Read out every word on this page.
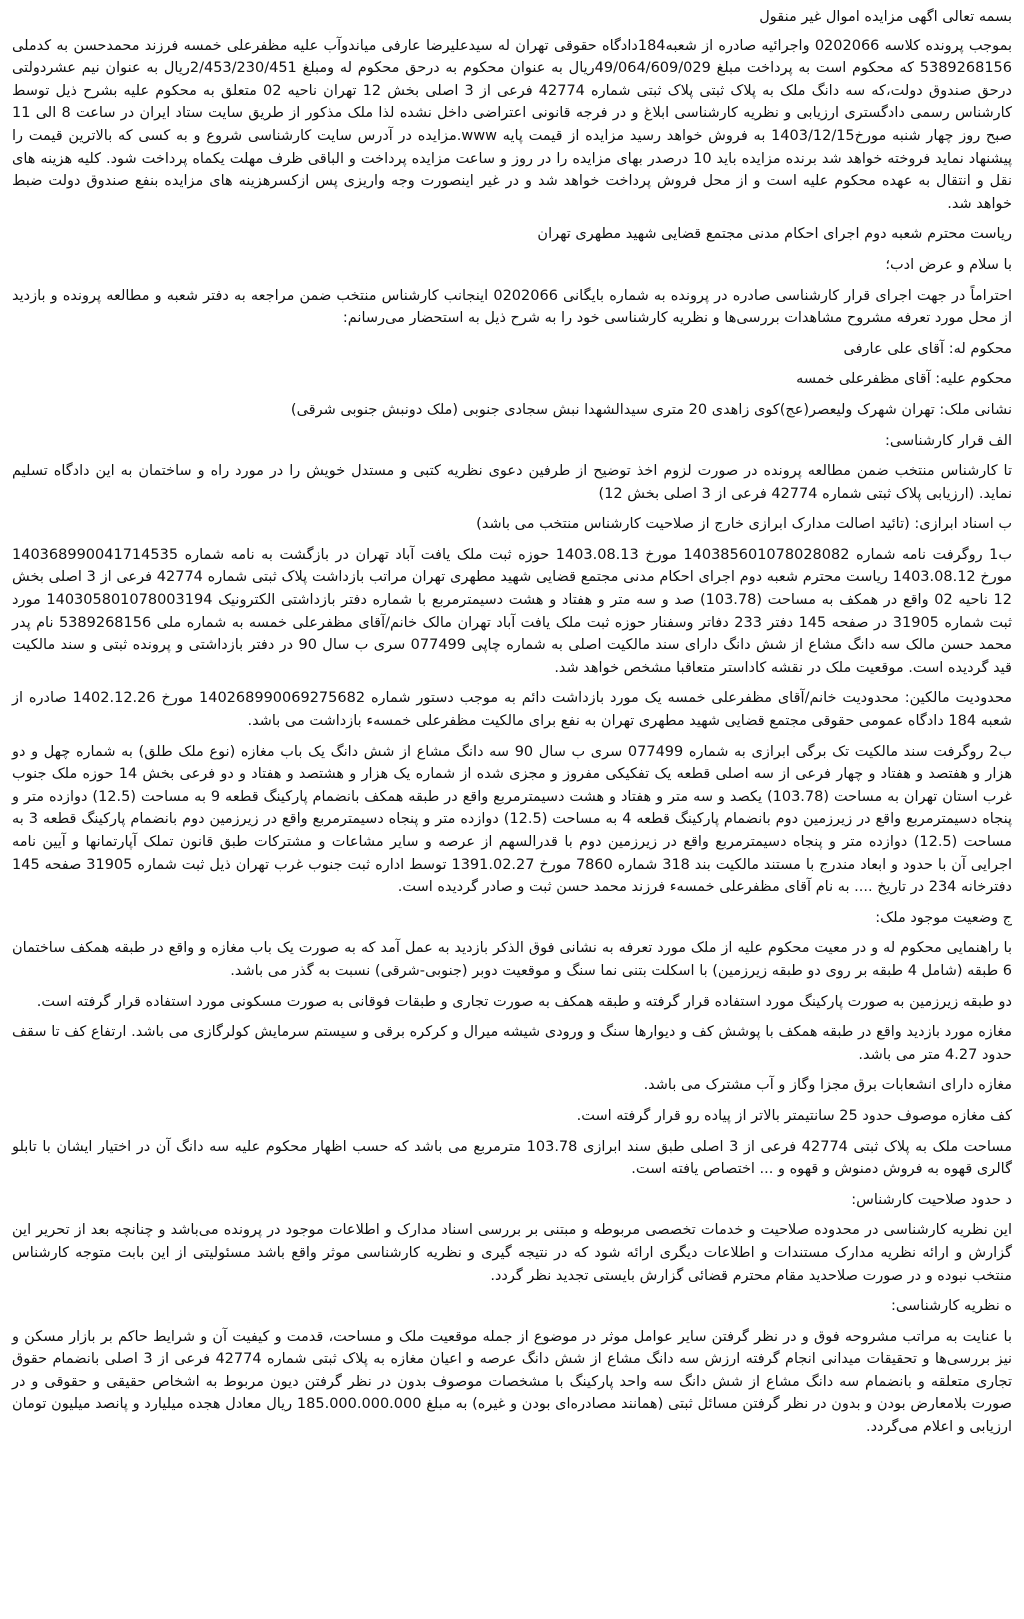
بسمه تعالی اگهی مزایده اموال غیر منقول

بموجب پرونده کلاسه 0202066 واجرائیه صادره از شعبه184دادگاه حقوقی تهران له سیدعلیرضا عارفی میاندوآب علیه مظفرعلی خمسه فرزند محمدحسن به کدملی 5389268156 که محکوم است به پرداخت مبلغ 49/064/609/029ریال به عنوان محکوم به درحق محکوم له ومبلغ 2/453/230/451ریال به عنوان نیم عشردولتی درحق صندوق دولت،که سه دانگ ملک به پلاک ثبتی پلاک ثبتی شماره 42774 فرعی از 3 اصلی بخش 12 تهران ناحیه 02 متعلق به محکوم علیه بشرح ذیل توسط کارشناس رسمی دادگستری ارزیابی و نظریه کارشناسی ابلاغ و در فرجه قانونی اعتراضی داخل نشده لذا ملک مذکور از طریق سایت ستاد ایران در ساعت 8 الی 11 صبح روز چهار شنبه مورخ1403/12/15 به فروش خواهد رسید مزایده از قیمت پایه www.مزایده در آدرس سایت کارشناسی شروع و به کسی که بالاترین قیمت را پیشنهاد نماید فروخته خواهد شد برنده مزایده باید 10 درصدر بهای مزایده را در روز و ساعت مزایده پرداخت و الباقی ظرف مهلت یکماه پرداخت شود. کلیه هزینه های نقل و انتقال به عهده محکوم علیه است و از محل فروش پرداخت خواهد شد و در غیر اینصورت وجه واریزی پس ازکسرهزینه های مزایده بنفع صندوق دولت ضبط خواهد شد.

ریاست محترم شعبه دوم اجرای احکام مدنی مجتمع قضایی شهید مطهری تهران

با سلام و عرض ادب؛

احتراماً در جهت اجرای قرار کارشناسی صادره در پرونده به شماره بایگانی 0202066 اینجانب کارشناس منتخب ضمن مراجعه به دفتر شعبه و مطالعه پرونده و بازدید از محل مورد تعرفه مشروح مشاهدات بررسی‌ها و نظریه کارشناسی خود را به شرح ذیل به استحضار می‌رسانم:

محکوم له: آقای علی عارفی

محکوم علیه: آقای مظفرعلی خمسه

نشانی ملک: تهران شهرک ولیعصر(عج)کوی زاهدی 20 متری سیدالشهدا نبش سجادی جنوبی (ملک دونبش جنوبی شرقی)

الف قرار کارشناسی:

تا کارشناس منتخب ضمن مطالعه پرونده در صورت لزوم اخذ توضیح از طرفین دعوی نظریه کتبی و مستدل خویش را در مورد راه و ساختمان به این دادگاه تسلیم نماید. (ارزیابی پلاک ثبتی شماره 42774 فرعی از 3 اصلی بخش 12)

ب اسناد ابرازی: (تائید اصالت مدارک ابرازی خارج از صلاحیت کارشناس منتخب می باشد)

ب1 روگرفت نامه شماره 140385601078028082 مورخ 1403.08.13 حوزه ثبت ملک یافت آباد تهران در بازگشت به نامه شماره 140368990041714535 مورخ 1403.08.12 ریاست محترم شعبه دوم اجرای احکام مدنی مجتمع قضایی شهید مطهری تهران مراتب بازداشت پلاک ثبتی شماره 42774 فرعی از 3 اصلی بخش 12 ناحیه 02 واقع در همکف به مساحت (103.78) صد و سه متر و هفتاد و هشت دسیمترمربع با شماره دفتر بازداشتی الکترونیک 140305801078003194 مورد ثبت شماره 31905 در صفحه 145 دفتر 233 دفاتر وسفنار حوزه ثبت ملک یافت آباد تهران مالک خانم/آقای مظفرعلی خمسه به شماره ملی 5389268156 نام پدر محمد حسن مالک سه دانگ مشاع از شش دانگ دارای سند مالکیت اصلی به شماره چاپی 077499 سری ب سال 90 در دفتر بازداشتی و پرونده ثبتی و سند مالکیت قید گردیده است. موقعیت ملک در نقشه کاداستر متعاقبا مشخص خواهد شد.

محدودیت مالکین: محدودیت خانم/آقای مظفرعلی خمسه یک مورد بازداشت دائم به موجب دستور شماره 140268990069275682 مورخ 1402.12.26 صادره از شعبه 184 دادگاه عمومی حقوقی مجتمع قضایی شهید مطهری تهران به نفع برای مالکیت مظفرعلی خمسهء بازداشت می باشد.

ب2 روگرفت سند مالکیت تک برگی ابرازی به شماره 077499 سری ب سال 90 سه دانگ مشاع از شش دانگ یک باب مغازه (نوع ملک طلق) به شماره چهل و دو هزار و هفتصد و هفتاد و چهار فرعی از سه اصلی قطعه یک تفکیکی مفروز و مجزی شده از شماره یک هزار و هشتصد و هفتاد و دو فرعی بخش 14 حوزه ملک جنوب غرب استان تهران به مساحت (103.78) یکصد و سه متر و هفتاد و هشت دسیمترمربع واقع در طبقه همکف بانضمام پارکینگ قطعه 9 به مساحت (12.5) دوازده متر و پنجاه دسیمترمربع واقع در زیرزمین دوم بانضمام پارکینگ قطعه 4 به مساحت (12.5) دوازده متر و پنجاه دسیمترمربع واقع در زیرزمین دوم بانضمام پارکینگ قطعه 3 به مساحت (12.5) دوازده متر و پنجاه دسیمترمربع واقع در زیرزمین دوم با قدرالسهم از عرصه و سایر مشاعات و مشترکات طبق قانون تملک آپارتمانها و آیین نامه اجرایی آن با حدود و ابعاد مندرج با مستند مالکیت بند 318 شماره 7860 مورخ 1391.02.27 توسط اداره ثبت جنوب غرب تهران ذیل ثبت شماره 31905 صفحه 145 دفترخانه 234 در تاریخ .... به نام آقای مظفرعلی خمسهء فرزند محمد حسن ثبت و صادر گردیده است.

ج وضعیت موجود ملک:

با راهنمایی محکوم له و در معیت محکوم علیه از ملک مورد تعرفه به نشانی فوق الذکر بازدید به عمل آمد که به صورت یک باب مغازه و واقع در طبقه همکف ساختمان 6 طبقه (شامل 4 طبقه بر روی دو طبقه زیرزمین) با اسکلت بتنی نما سنگ و موقعیت دوبر (جنوبی-شرقی) نسبت به گذر می باشد.

دو طبقه زیرزمین به صورت پارکینگ مورد استفاده قرار گرفته و طبقه همکف به صورت تجاری و طبقات فوقانی به صورت مسکونی مورد استفاده قرار گرفته است.

مغازه مورد بازدید واقع در طبقه همکف با پوشش کف و دیوارها سنگ و ورودی شیشه میرال و کرکره برقی و سیستم سرمایش کولرگازی می باشد. ارتفاع کف تا سقف حدود 4.27 متر می باشد.

مغازه دارای انشعابات برق مجزا وگاز و آب مشترک می باشد.

کف مغازه موصوف حدود 25 سانتیمتر بالاتر از پیاده رو قرار گرفته است.

مساحت ملک به پلاک ثبتی 42774 فرعی از 3 اصلی طبق سند ابرازی 103.78 مترمربع می باشد که حسب اظهار محکوم علیه سه دانگ آن در اختیار ایشان با تابلو گالری قهوه به فروش دمنوش و قهوه و ... اختصاص یافته است.

د حدود صلاحیت کارشناس:

این نظریه کارشناسی در محدوده صلاحیت و خدمات تخصصی مربوطه و مبتنی بر بررسی اسناد مدارک و اطلاعات موجود در پرونده می‌باشد و چنانچه بعد از تحریر این گزارش و ارائه نظریه مدارک مستندات و اطلاعات دیگری ارائه شود که در نتیجه گیری و نظریه کارشناسی موثر واقع باشد مسئولیتی از این بابت متوجه کارشناس منتخب نبوده و در صورت صلاحدید مقام محترم قضائی گزارش بایستی تجدید نظر گردد.

ه نظریه کارشناسی:

با عنایت به مراتب مشروحه فوق و در نظر گرفتن سایر عوامل موثر در موضوع از جمله موقعیت ملک و مساحت، قدمت و کیفیت آن و شرایط حاکم بر بازار مسکن و نیز بررسی‌ها و تحقیقات میدانی انجام گرفته ارزش سه دانگ مشاع از شش دانگ عرصه و اعیان مغازه به پلاک ثبتی شماره 42774 فرعی از 3 اصلی بانضمام حقوق تجاری متعلقه و بانضمام سه دانگ مشاع از شش دانگ سه واحد پارکینگ با مشخصات موصوف بدون در نظر گرفتن دیون مربوط به اشخاص حقیقی و حقوقی و در صورت بلامعارض بودن و بدون در نظر گرفتن مسائل ثبتی (همانند مصادره‌ای بودن و غیره) به مبلغ 185.000.000.000 ریال معادل هجده میلیارد و پانصد میلیون تومان ارزیابی و اعلام می‌گردد.
